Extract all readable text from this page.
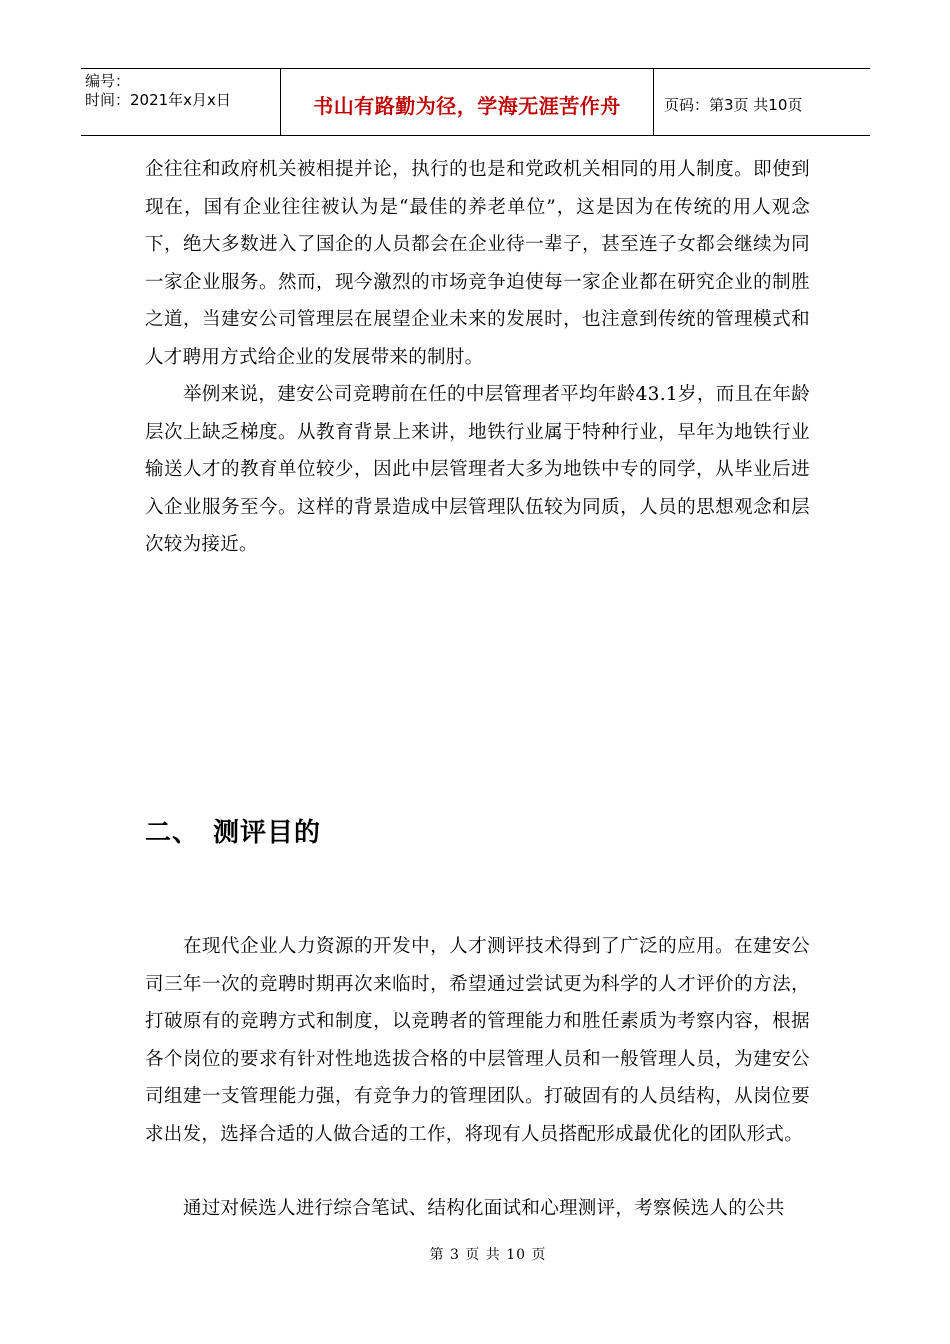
编号：
时间：2021年x月x日	书山有路勤为径，学海无涯苦作舟	页码：第3页 共10页
企往往和政府机关被相提并论，执行的也是和党政机关相同的用人制度。即使到现在，国有企业往往被认为是“最佳的养老单位”，这是因为在传统的用人观念下，绝大多数进入了国企的人员都会在企业待一辈子，甚至连子女都会继续为同一家企业服务。然而，现今激烈的市场竞争迫使每一家企业都在研究企业的制胜之道，当建安公司管理层在展望企业未来的发展时，也注意到传统的管理模式和人才聘用方式给企业的发展带来的制肘。
举例来说，建安公司竞聘前在任的中层管理者平均年龄43.1岁，而且在年龄层次上缺乏梯度。从教育背景上来讲，地铁行业属于特种行业，早年为地铁行业输送人才的教育单位较少，因此中层管理者大多为地铁中专的同学，从毕业后进入企业服务至今。这样的背景造成中层管理队伍较为同质，人员的思想观念和层次较为接近。
二、 测评目的
在现代企业人力资源的开发中，人才测评技术得到了广泛的应用。在建安公司三年一次的竞聘时期再次来临时，希望通过尝试更为科学的人才评价的方法，打破原有的竞聘方式和制度，以竞聘者的管理能力和胜任素质为考察内容，根据各个岗位的要求有针对性地选拔合格的中层管理人员和一般管理人员，为建安公司组建一支管理能力强，有竞争力的管理团队。打破固有的人员结构，从岗位要求出发，选择合适的人做合适的工作，将现有人员搭配形成最优化的团队形式。
通过对候选人进行综合笔试、结构化面试和心理测评，考察候选人的公共
第 3 页 共 10 页
